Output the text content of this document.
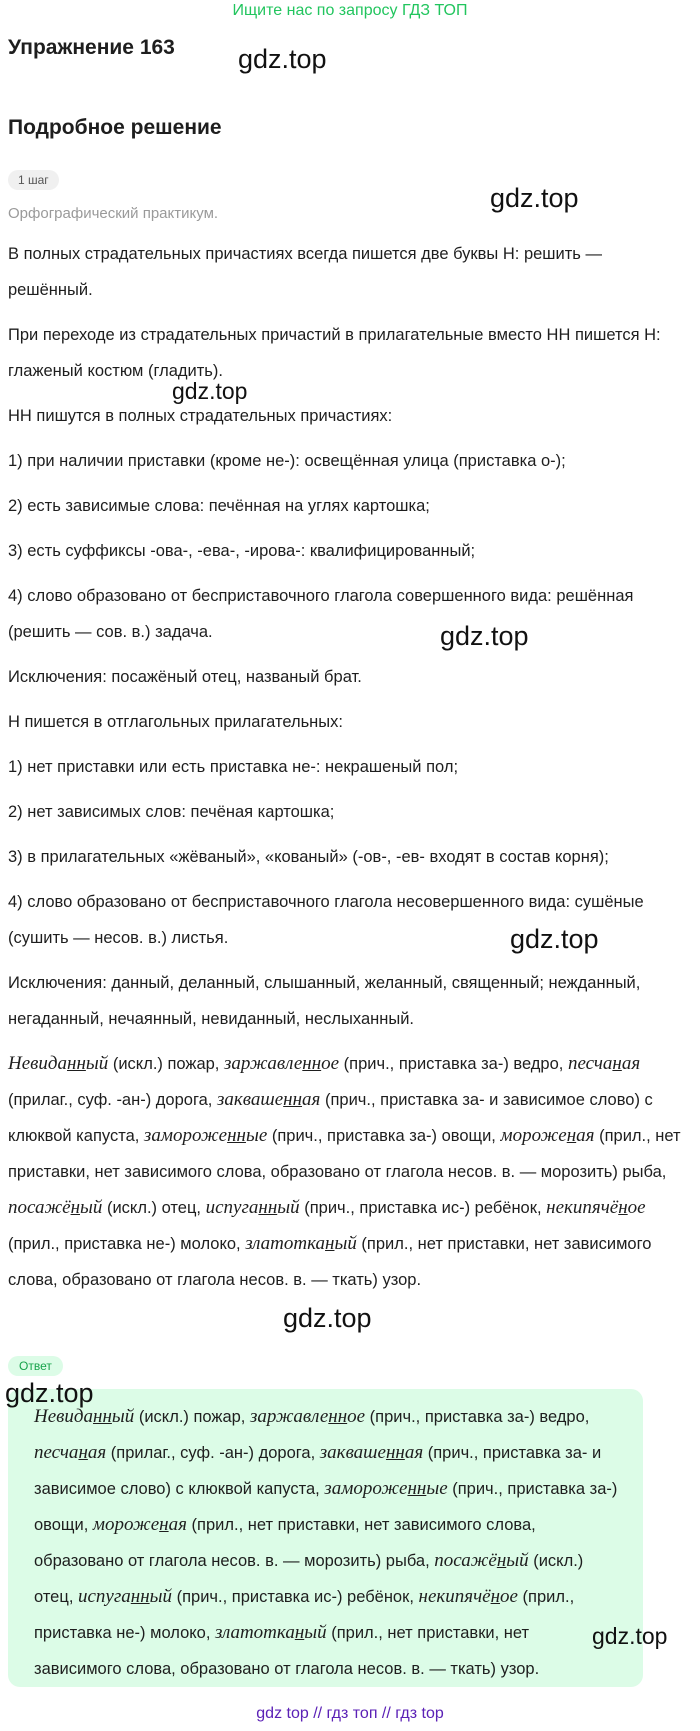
Ищите нас по запросу ГДЗ ТОП
Упражнение 163
Подробное решение
1 шаг
Орфографический практикум.

В полных страдательных причастиях всегда пишется две буквы Н: решить — решённый.

При переходе из страдательных причастий в прилагательные вместо НН пишется Н: глаженый костюм (гладить).

НН пишутся в полных страдательных причастиях:

1) при наличии приставки (кроме не-): освещённая улица (приставка о-);

2) есть зависимые слова: печённая на углях картошка;

3) есть суффиксы -ова-, -ева-, -ирова-: квалифицированный;

4) слово образовано от бесприставочного глагола совершенного вида: решённая (решить — сов. в.) задача.

Исключения: посажёный отец, названый брат.

Н пишется в отглагольных прилагательных:

1) нет приставки или есть приставка не-: некрашеный пол;

2) нет зависимых слов: печёная картошка;

3) в прилагательных «жёваный», «кованый» (-ов-, -ев- входят в состав корня);

4) слово образовано от бесприставочного глагола несовершенного вида: сушёные (сушить — несов. в.) листья.

Исключения: данный, деланный, слышанный, желанный, священный; нежданный, негаданный, нечаянный, невиданный, неслыханный.

Невиданный (искл.) пожар, заржавленное (прич., приставка за-) ведро, песчаная (прилаг., суф. -ан-) дорога, заквашeнная (прич., приставка за- и зависимое слово) с клюквой капуста, заморожeнные (прич., приставка за-) овощи, морожeная (прил., нет приставки, нет зависимого слова, образовано от глагола несов. в. — морозить) рыба, посажёный (искл.) отец, испуганный (прич., приставка ис-) ребёнок, некипячёное (прил., приставка не-) молоко, златотканый (прил., нет приставки, нет зависимого слова, образовано от глагола несов. в. — ткать) узор.

Ответ

Невиданный (искл.) пожар, заржавленное (прич., приставка за-) ведро, песчаная (прилаг., суф. -ан-) дорога, заквашeнная (прич., приставка за- и зависимое слово) с клюквой капуста, заморожeнные (прич., приставка за-) овощи, морожeная (прил., нет приставки, нет зависимого слова, образовано от глагола несов. в. — морозить) рыба, посажёный (искл.) отец, испуганный (прич., приставка ис-) ребёнок, некипячёное (прил., приставка не-) молоко, златотканый (прил., нет приставки, нет зависимого слова, образовано от глагола несов. в. — ткать) узор.

gdz.top
gdz.top
gdz.top
gdz.top
gdz.top
gdz.top
gdz.top
gdz.top
gdz top // гдз топ // гдз top
